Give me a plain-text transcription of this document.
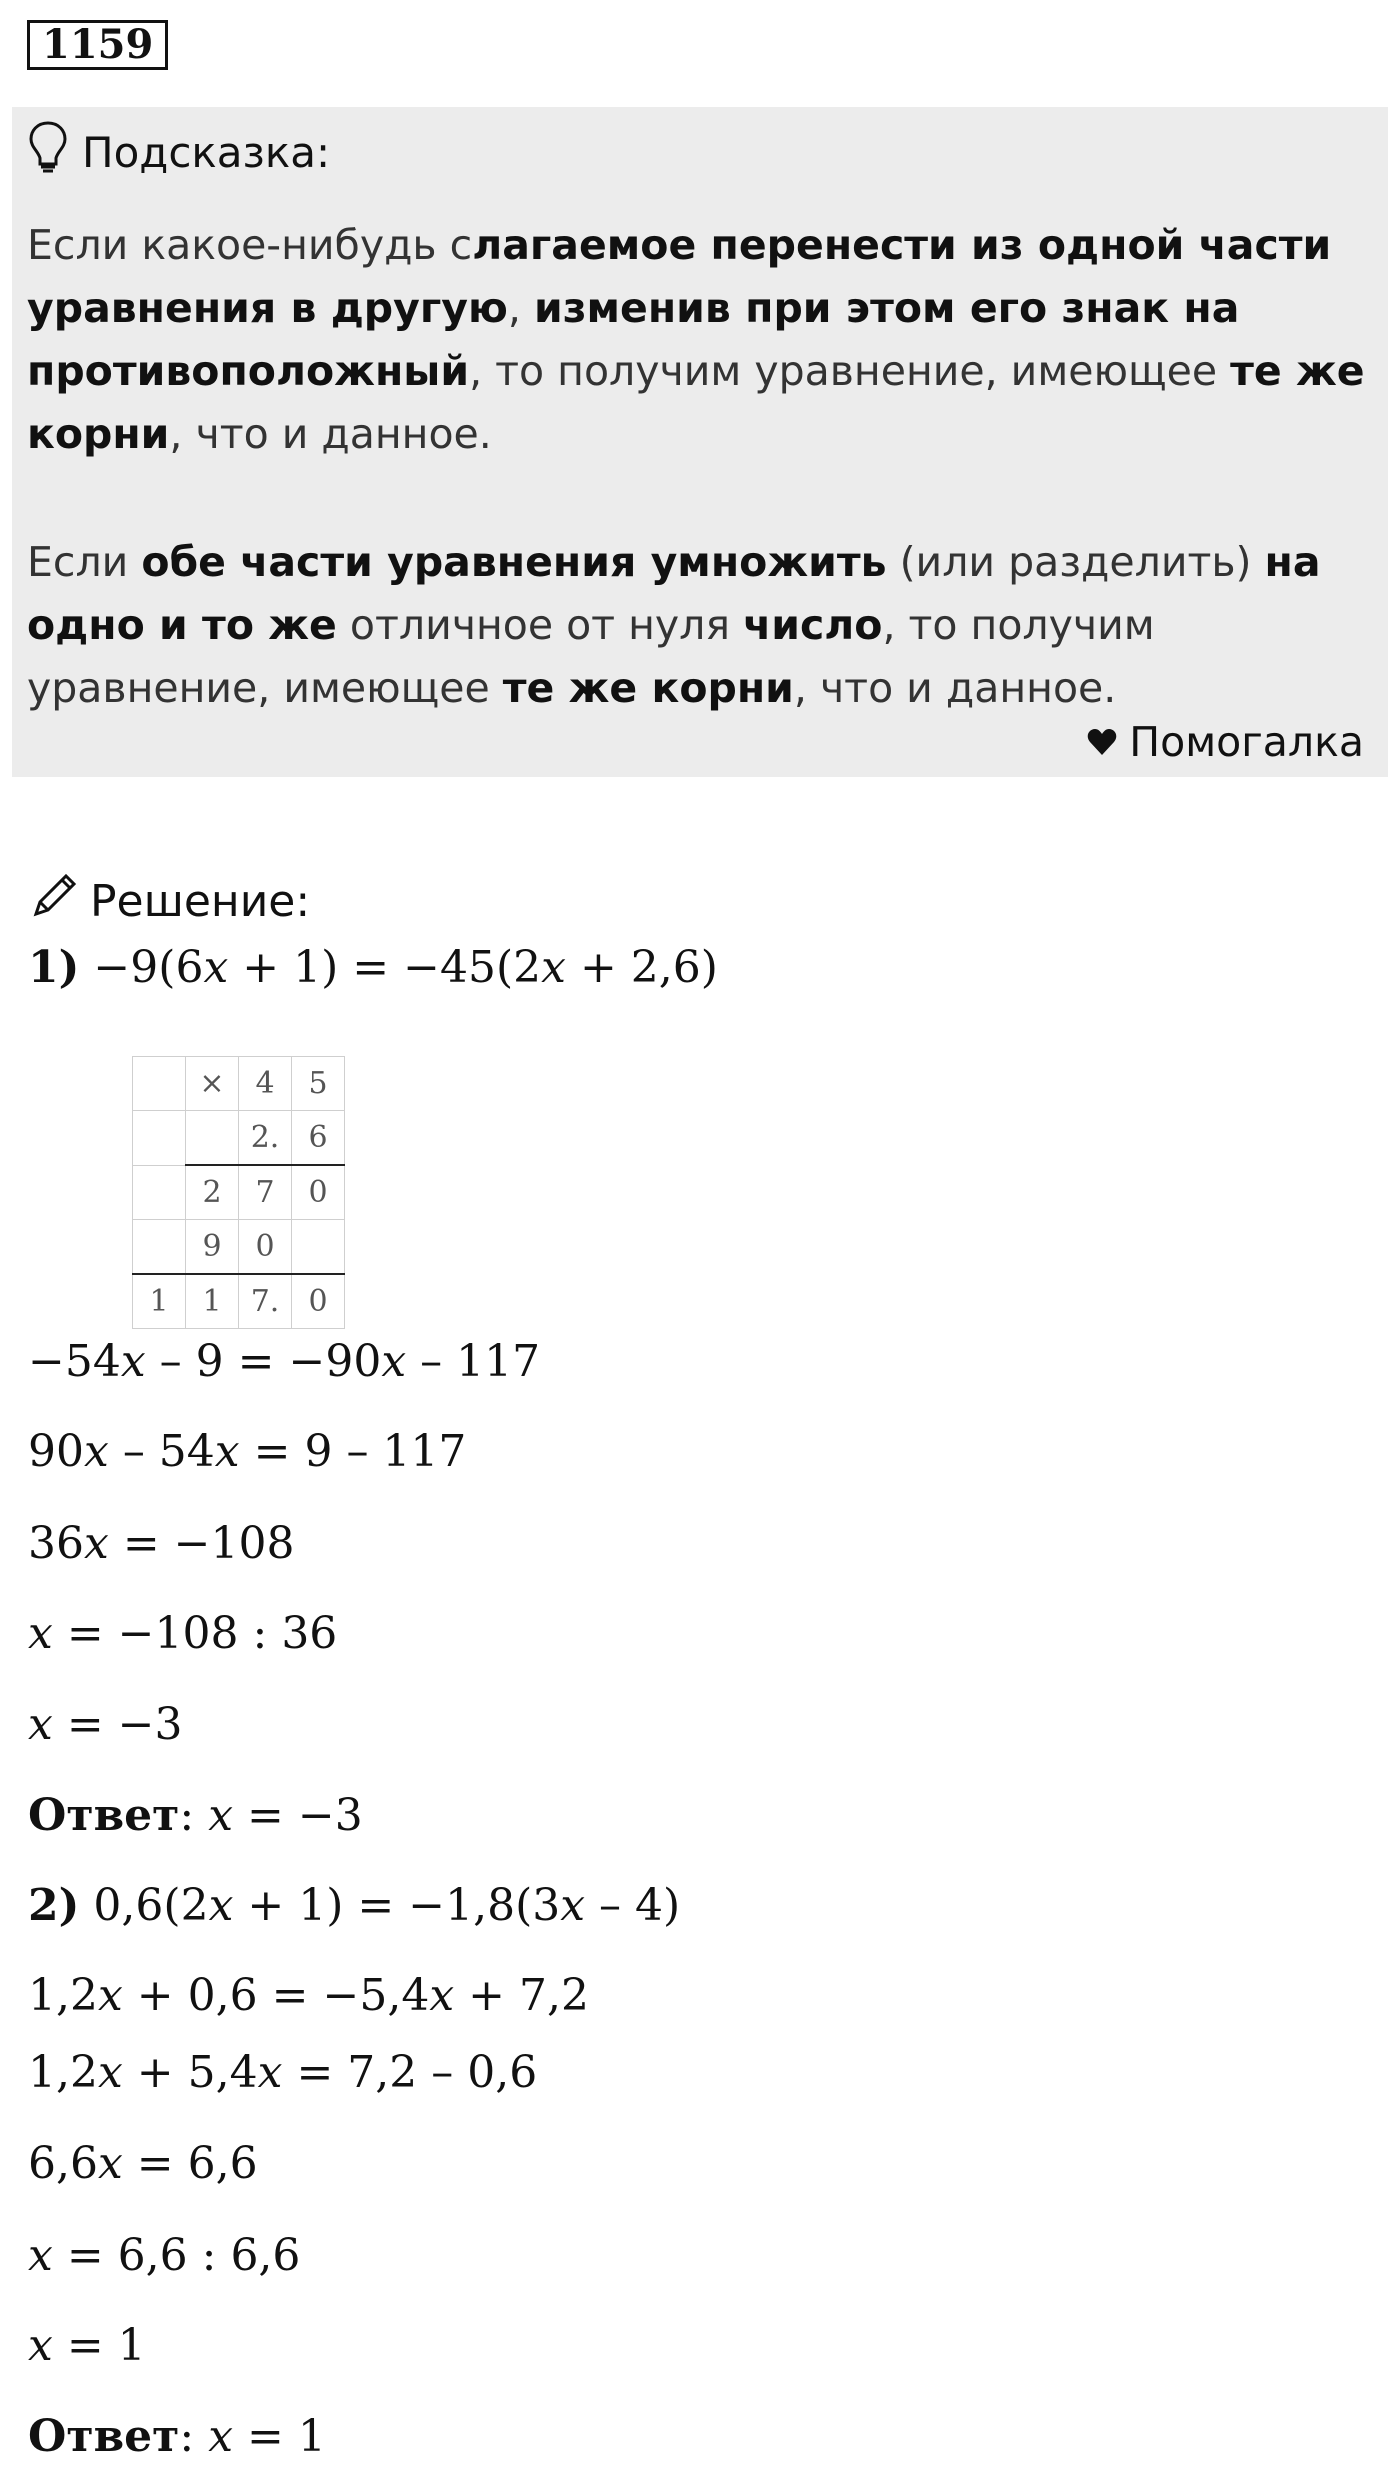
1159
Подсказка:
Если какое-нибудь слагаемое перенести из одной части уравнения в другую, изменив при этом его знак на противоположный, то получим уравнение, имеющее те же корни, что и данное.
Если обе части уравнения умножить (или разделить) на одно и то же отличное от нуля число, то получим уравнение, имеющее те же корни, что и данное.
Помогалка
Решение:
	×	4	5
		2.	6
	2	7	0
	9	0	
1	1	7.	0
1) −9(6x + 1) = −45(2x + 2,6)
−54x – 9 = −90x – 117
90x – 54x = 9 – 117
36x = −108
x = −108 : 36
x = −3
Ответ: x = −3
2) 0,6(2x + 1) = −1,8(3x – 4)
1,2x + 0,6 = −5,4x + 7,2
1,2x + 5,4x = 7,2 – 0,6
6,6x = 6,6
x = 6,6 : 6,6
x = 1
Ответ: x = 1
